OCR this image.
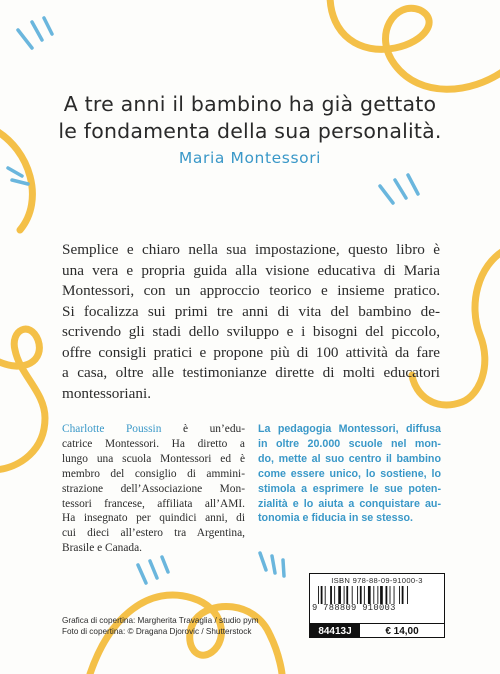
A tre anni il bambino ha già gettato
le fondamenta della sua personalità.
Maria Montessori
Semplice e chiaro nella sua impostazione, questo libro è
una vera e propria guida alla visione educativa di Maria
Montessori, con un approccio teorico e insieme pratico.
Si focalizza sui primi tre anni di vita del bambino de-
scrivendo gli stadi dello sviluppo e i bisogni del piccolo,
offre consigli pratici e propone più di 100 attività da fare
a casa, oltre alle testimonianze dirette di molti educatori
montessoriani.
Charlotte Poussin è un’edu-
catrice Montessori. Ha diretto a
lungo una scuola Montessori ed è
membro del consiglio di ammini-
strazione dell’Associazione Mon-
tessori francese, affiliata all’AMI.
Ha insegnato per quindici anni, di
cui dieci all’estero tra Argentina,
Brasile e Canada.
La pedagogia Montessori, diffusa
in oltre 20.000 scuole nel mon-
do, mette al suo centro il bambino
come essere unico, lo sostiene, lo
stimola a esprimere le sue poten-
zialità e lo aiuta a conquistare au-
tonomia e fiducia in se stesso.
Grafica di copertina: Margherita Travaglia / studio pym
Foto di copertina: © Dragana Djorovic / Shutterstock
ISBN 978-88-09-91000-3
9 788809 910003
84413J	€ 14,00
